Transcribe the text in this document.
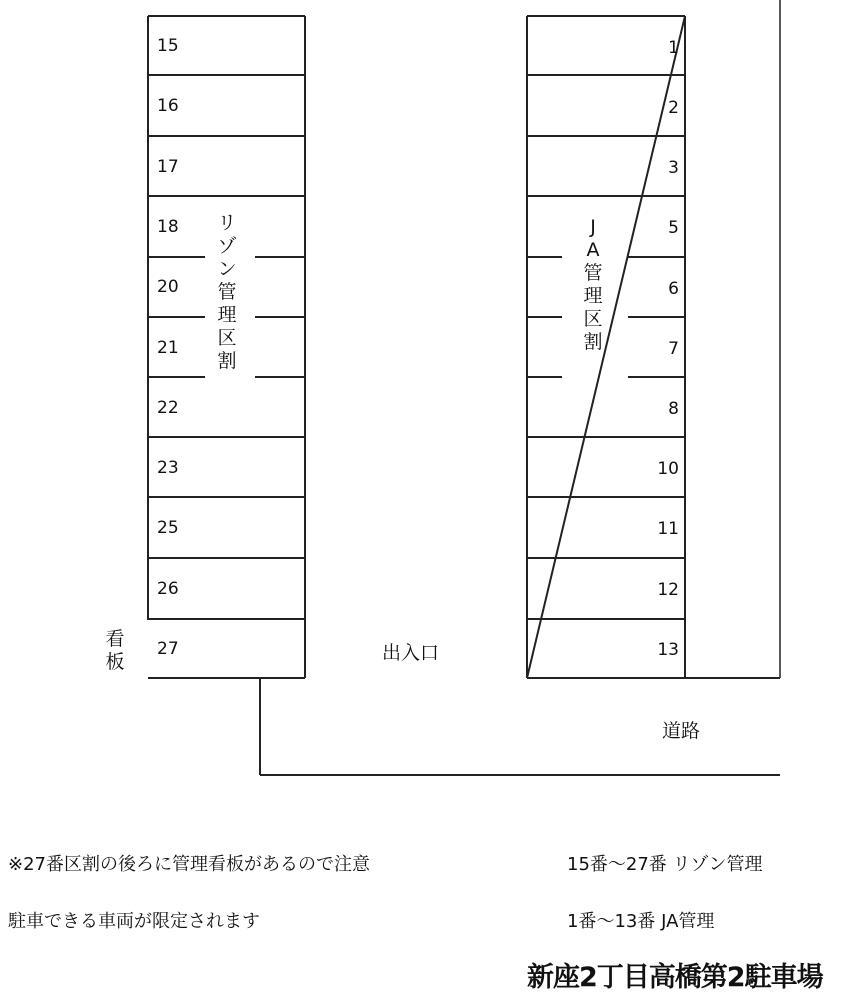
15
16
17
18
20
21
22
23
25
26
27
1
2
3
5
6
7
8
10
11
12
13
リ
ゾ
ン
管
理
区
割
J
A
管
理
区
割
看
板	出入口
道路
※27番区割の後ろに管理看板があるので注意
駐車できる車両が限定されます
15番～27番 リゾン管理
1番～13番 JA管理
新座2丁目高橋第2駐車場
